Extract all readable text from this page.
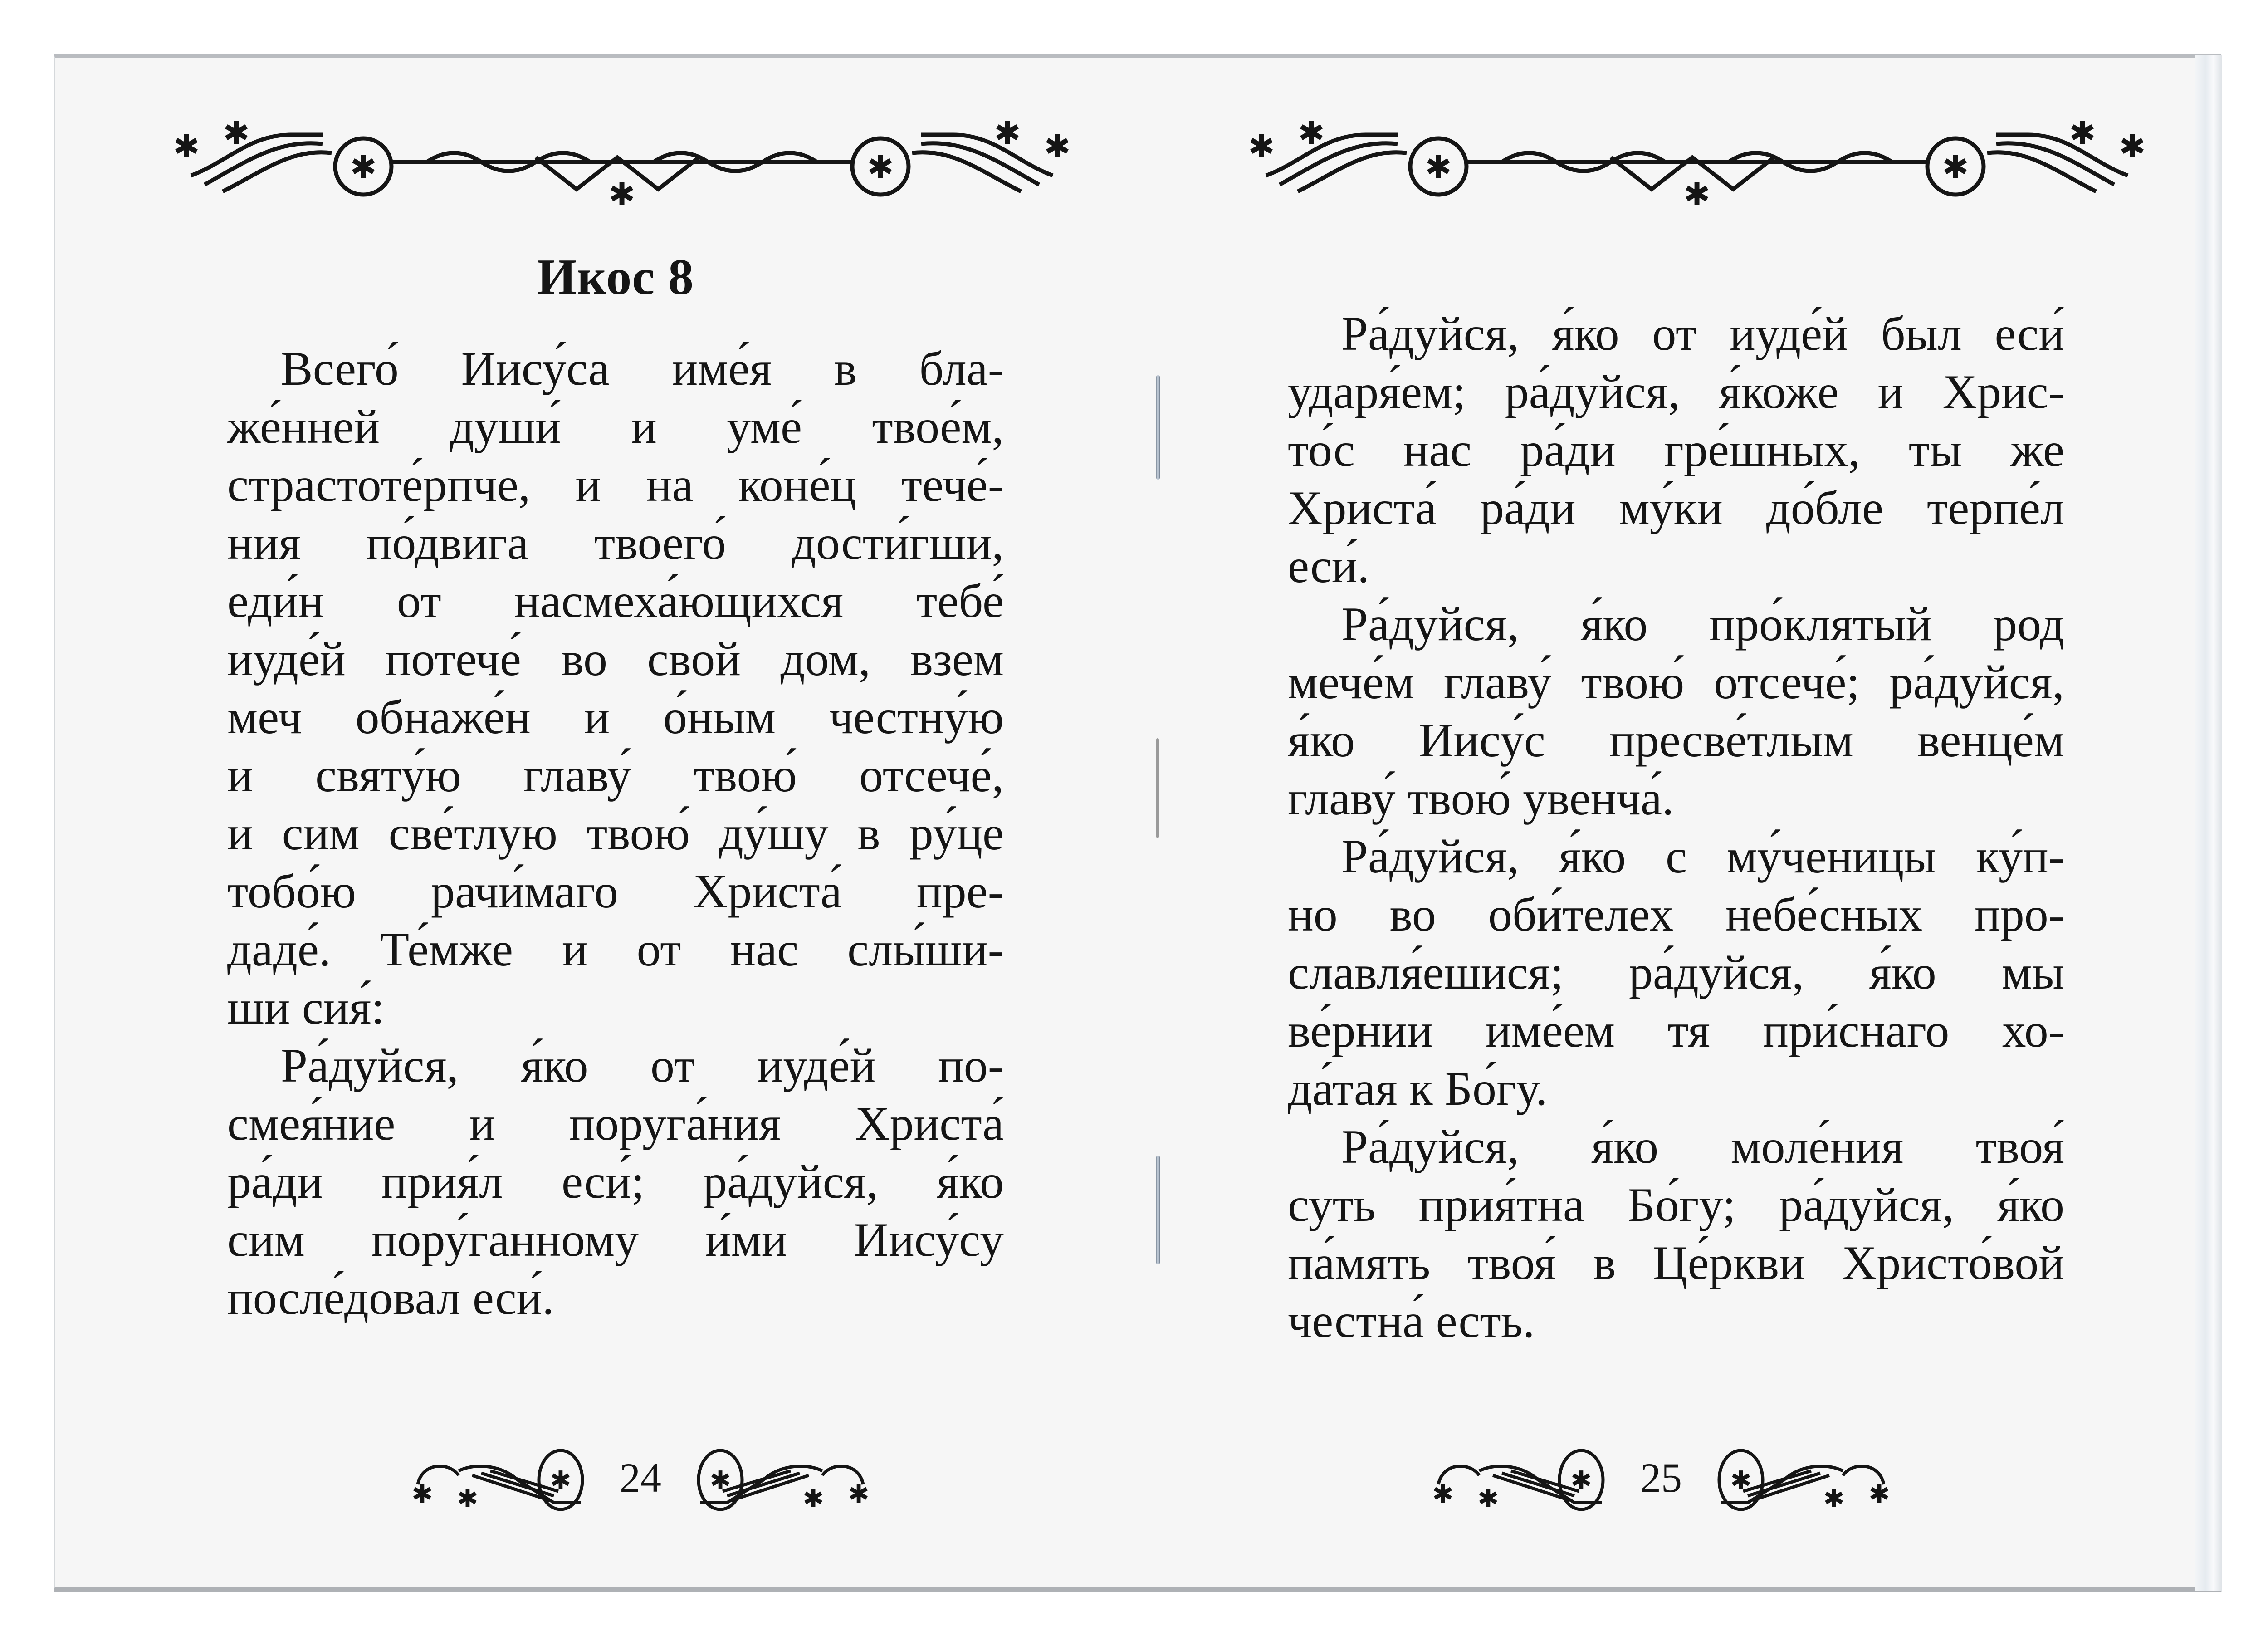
✱ ✱
✱
✱
✱
✱ ✱
Икос 8
Всего́ Иису́са име́я в бла-
же́нней души́ и уме́ твое́м,
страстоте́рпче, и на коне́ц тече́-
ния по́двига твоего́ дости́гши,
еди́н от насмеха́ющихся тебе́
иуде́й потече́ во свой дом, взем
меч обнаже́н и о́ным честну́ю
и святу́ю главу́ твою́ отсече́,
и сим све́тлую твою́ ду́шу в ру́це
тобо́ю рачи́маго Христа́ пре-
даде́. Те́мже и от нас слы́ши-
ши сия́:
Ра́дуйся, я́ко от иуде́й по-
смея́ние и поруга́ния Христа́
ра́ди прия́л еси́; ра́дуйся, я́ко
сим пору́ганному и́ми Иису́су
после́довал еси́.
✱ ✱
✱ 24	✱
✱
✱
✱ ✱
✱
✱
✱
✱ ✱
Ра́дуйся, я́ко от иуде́й был еси́
ударя́ем; ра́дуйся, я́коже и Хрис-
то́с нас ра́ди гре́шных, ты же
Христа́ ра́ди му́ки до́бле терпе́л
еси́.
Ра́дуйся, я́ко про́клятый род
мече́м главу́ твою́ отсече́; ра́дуйся,
я́ко Иису́с пресве́тлым венце́м
главу́ твою́ увенча́.
Ра́дуйся, я́ко с му́ченицы ку́п-
но во оби́телех небе́сных про-
славля́ешися; ра́дуйся, я́ко мы
ве́рнии име́ем тя при́снаго хо-
да́тая к Бо́гу.
Ра́дуйся, я́ко моле́ния твоя́
суть прия́тна Бо́гу; ра́дуйся, я́ко
па́мять твоя́ в Це́ркви Христо́вой
честна́ есть.
✱ ✱
✱ 25	✱
✱
✱
